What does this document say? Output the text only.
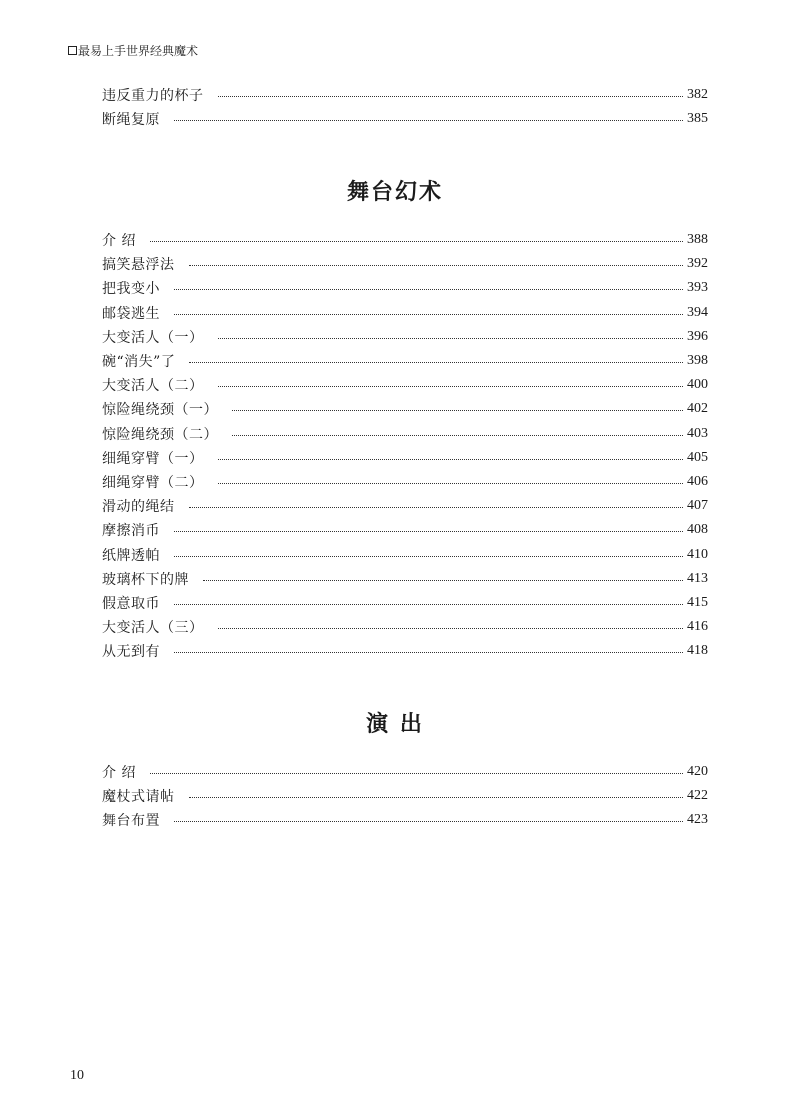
最易上手世界经典魔术
违反重力的杯子	382
断绳复原	385
舞台幻术
介 绍	388
搞笑悬浮法	392
把我变小	393
邮袋逃生	394
大变活人（一）	396
碗“消失”了	398
大变活人（二）	400
惊险绳绕颈（一）	402
惊险绳绕颈（二）	403
细绳穿臂（一）	405
细绳穿臂（二）	406
滑动的绳结	407
摩擦消币	408
纸牌透帕	410
玻璃杯下的牌	413
假意取币	415
大变活人（三）	416
从无到有	418
演 出
介 绍	420
魔杖式请帖	422
舞台布置	423
10
